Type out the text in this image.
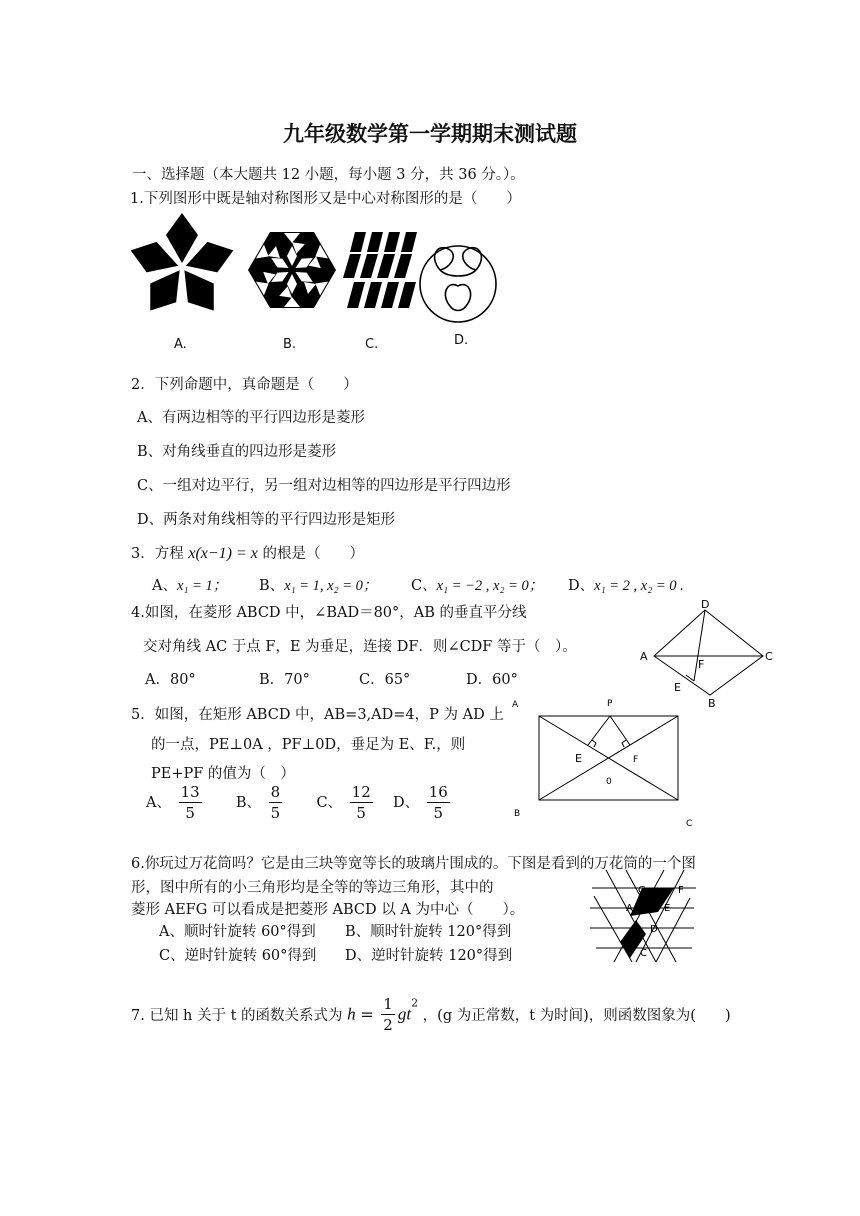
九年级数学第一学期期末测试题
一、选择题（本大题共 12 小题，每小题 3 分，共 36 分。）。
1.下列图形中既是轴对称图形又是中心对称图形的是（　　）
A.	B.	C.	D.
2．下列命题中，真命题是（　　）
A、有两边相等的平行四边形是菱形
B、对角线垂直的四边形是菱形
C、一组对边平行，另一组对边相等的四边形是平行四边形
D、两条对角线相等的平行四边形是矩形
3．方程 x(x−1) = x 的根是（　　）
A、x₁ = 1； B、x₁ = 1, x₂ = 0； C、x₁ = −2 , x₂ = 0； D、x₁ = 2 , x₂ = 0 .
4.如图，在菱形 ABCD 中，∠BAD＝80°，AB 的垂直平分线
交对角线 AC 于点 F，E 为垂足，连接 DF．则∠CDF 等于（　）。
A．80°	B．70°	C．65°	D．60°
A
D
C
B
E
F
5．如图，在矩形 ABCD 中，AB=3,AD=4，P 为 AD 上
的一点，PE⊥0A ，PF⊥0D，垂足为 E、F.，则
PE+PF 的值为（　）
A、 $\frac{13}{5}$ B、 $\frac{8}{5}$ C、 $\frac{12}{5}$ D、 $\frac{16}{5}$
A	P
E	F
0
B
C
6.你玩过万花筒吗？它是由三块等宽等长的玻璃片围成的。下图是看到的万花筒的一个图
形，图中所有的小三角形均是全等的等边三角形，其中的
菱形 AEFG 可以看成是把菱形 ABCD 以 A 为中心（　　）。
A、顺时针旋转 60°得到 B、顺时针旋转 120°得到
C、逆时针旋转 60°得到 D、逆时针旋转 120°得到
G	F
A	E
D
B
C
7. 已知 h 关于 t 的函数关系式为 $h = \frac{1}{2} gt^2$ ，(g 为正常数，t 为时间)，则函数图象为(　　)
